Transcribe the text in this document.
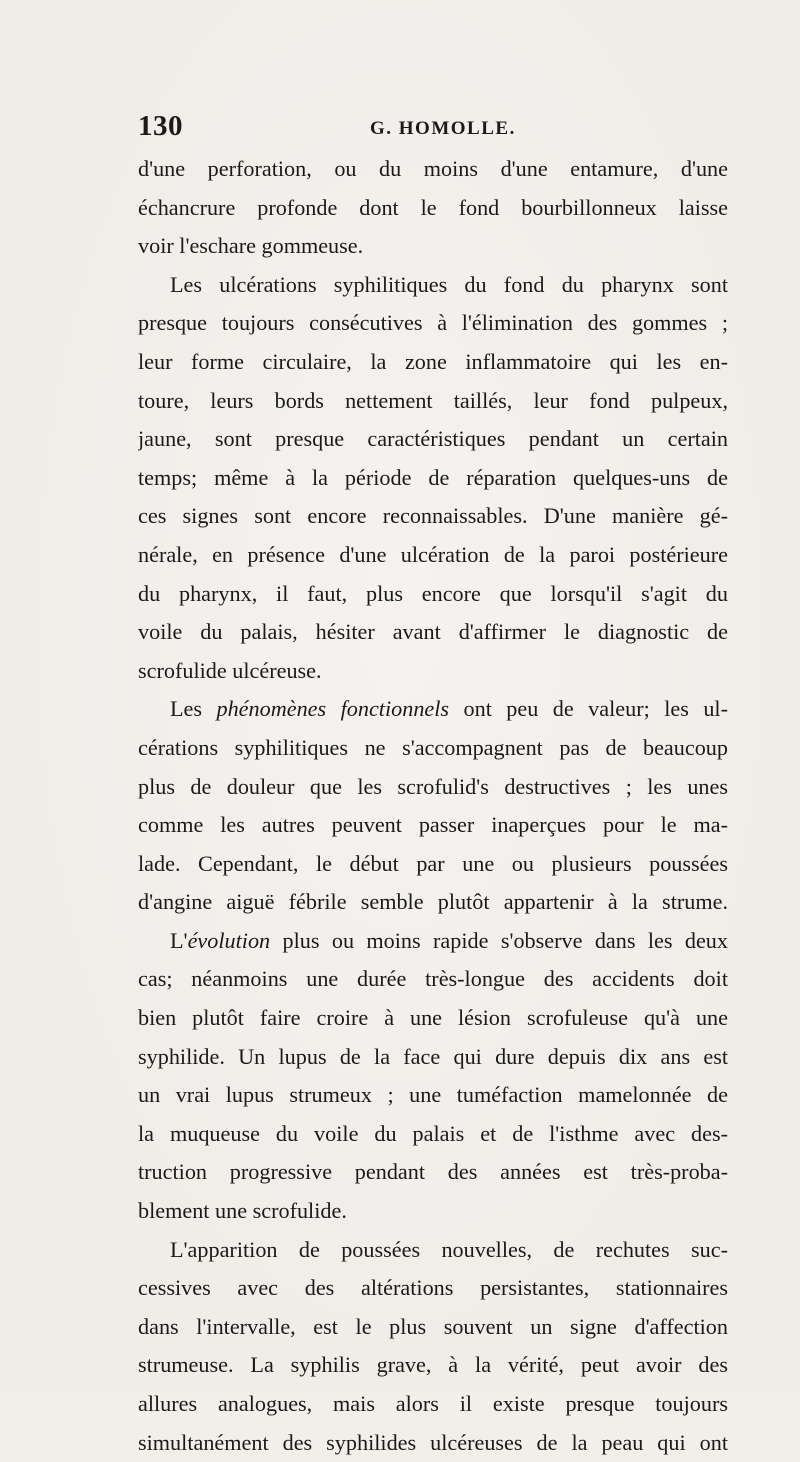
130	G. HOMOLLE.
d'une perforation, ou du moins d'une entamure, d'une
échancrure profonde dont le fond bourbillonneux laisse
voir l'eschare gommeuse.
Les ulcérations syphilitiques du fond du pharynx sont
presque toujours consécutives à l'élimination des gommes ;
leur forme circulaire, la zone inflammatoire qui les en-
toure, leurs bords nettement taillés, leur fond pulpeux,
jaune, sont presque caractéristiques pendant un certain
temps; même à la période de réparation quelques-uns de
ces signes sont encore reconnaissables. D'une manière gé-
nérale, en présence d'une ulcération de la paroi postérieure
du pharynx, il faut, plus encore que lorsqu'il s'agit du
voile du palais, hésiter avant d'affirmer le diagnostic de
scrofulide ulcéreuse.
Les phénomènes fonctionnels ont peu de valeur; les ul-
cérations syphilitiques ne s'accompagnent pas de beaucoup
plus de douleur que les scrofulid's destructives ; les unes
comme les autres peuvent passer inaperçues pour le ma-
lade. Cependant, le début par une ou plusieurs poussées
d'angine aiguë fébrile semble plutôt appartenir à la strume.
L'évolution plus ou moins rapide s'observe dans les deux
cas; néanmoins une durée très-longue des accidents doit
bien plutôt faire croire à une lésion scrofuleuse qu'à une
syphilide. Un lupus de la face qui dure depuis dix ans est
un vrai lupus strumeux ; une tuméfaction mamelonnée de
la muqueuse du voile du palais et de l'isthme avec des-
truction progressive pendant des années est très-proba-
blement une scrofulide.
L'apparition de poussées nouvelles, de rechutes suc-
cessives avec des altérations persistantes, stationnaires
dans l'intervalle, est le plus souvent un signe d'affection
strumeuse. La syphilis grave, à la vérité, peut avoir des
allures analogues, mais alors il existe presque toujours
simultanément des syphilides ulcéreuses de la peau qui ont
